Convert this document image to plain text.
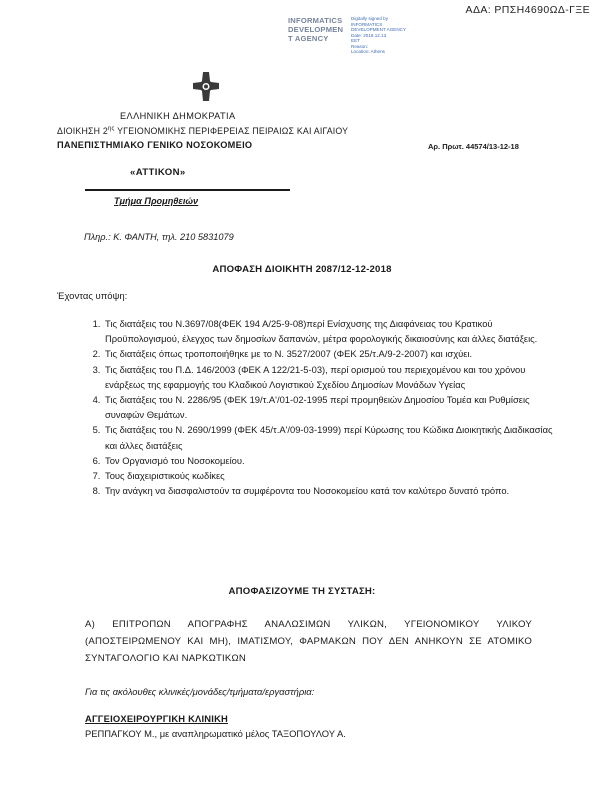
ΑΔΑ: ΡΠΣΗ4690ΩΔ-ΓΞΕ
INFORMATICS
DEVELOPMEN
T AGENCY
Digitally signed by
INFORMATICS
DEVELOPMENT AGENCY
Date: 2018.12.13
EET
Reason:
Location: Athens
ΕΛΛΗΝΙΚΗ ΔΗΜΟΚΡΑΤΙΑ
ΔΙΟΙΚΗΣΗ $2^{\eta\varsigma}$ ΥΓΕΙΟΝΟΜΙΚΗΣ ΠΕΡΙΦΕΡΕΙΑΣ ΠΕΙΡΑΙΩΣ ΚΑΙ ΑΙΓΑΙΟΥ
ΠΑΝΕΠΙΣΤΗΜΙΑΚΟ ΓΕΝΙΚΟ ΝΟΣΟΚΟΜΕΙΟ	Αρ. Πρωτ. 44574/13-12-18
«ΑΤΤΙΚΟΝ»
Τμήμα Προμηθειών
Πληρ.: Κ. ΦΑΝΤΗ, τηλ. 210 5831079
ΑΠΟΦΑΣΗ ΔΙΟΙΚΗΤΗ 2087/12-12-2018
Έχοντας υπόψη:
1. Τις διατάξεις του Ν.3697/08(ΦΕΚ 194 Α/25-9-08)περί Ενίσχυσης της Διαφάνειας του Κρατικού Προϋπολογισμού, έλεγχος των δημοσίων δαπανών, μέτρα φορολογικής δικαιοσύνης και άλλες διατάξεις.
2. Τις διατάξεις όπως τροποποιήθηκε με το Ν. 3527/2007 (ΦΕΚ 25/τ.Α/9-2-2007) και ισχύει.
3. Τις διατάξεις του Π.Δ. 146/2003 (ΦΕΚ Α 122/21-5-03), περί ορισμού του περιεχομένου και του χρόνου ενάρξεως της εφαρμογής του Κλαδικού Λογιστικού Σχεδίου Δημοσίων Μονάδων Υγείας
4. Τις διατάξεις του Ν. 2286/95 (ΦΕΚ 19/τ.Α'/01-02-1995 περί προμηθειών Δημοσίου Τομέα και Ρυθμίσεις συναφών Θεμάτων.
5. Τις διατάξεις του Ν. 2690/1999 (ΦΕΚ 45/τ.Α'/09-03-1999) περί Κύρωσης του Κώδικα Διοικητικής Διαδικασίας και άλλες διατάξεις
6. Τον Οργανισμό του Νοσοκομείου.
7. Τους διαχειριστικούς κωδίκες
8. Την ανάγκη να διασφαλιστούν τα συμφέροντα του Νοσοκομείου κατά τον καλύτερο δυνατό τρόπο.
ΑΠΟΦΑΣΙΖΟΥΜΕ ΤΗ ΣΥΣΤΑΣΗ:
Α) ΕΠΙΤΡΟΠΩΝ ΑΠΟΓΡΑΦΗΣ ΑΝΑΛΩΣΙΜΩΝ ΥΛΙΚΩΝ, ΥΓΕΙΟΝΟΜΙΚΟΥ ΥΛΙΚΟΥ (ΑΠΟΣΤΕΙΡΩΜΕΝΟΥ ΚΑΙ ΜΗ), ΙΜΑΤΙΣΜΟΥ, ΦΑΡΜΑΚΩΝ ΠΟΥ ΔΕΝ ΑΝΗΚΟΥΝ ΣΕ ΑΤΟΜΙΚΟ ΣΥΝΤΑΓΟΛΟΓΙΟ ΚΑΙ ΝΑΡΚΩΤΙΚΩΝ
Για τις ακόλουθες κλινικές/μονάδες/τμήματα/εργαστήρια:
ΑΓΓΕΙΟΧΕΙΡΟΥΡΓΙΚΗ ΚΛΙΝΙΚΗ
ΡΕΠΠΑΓΚΟΥ Μ., με αναπληρωματικό μέλος ΤΑΞΟΠΟΥΛΟΥ Α.
